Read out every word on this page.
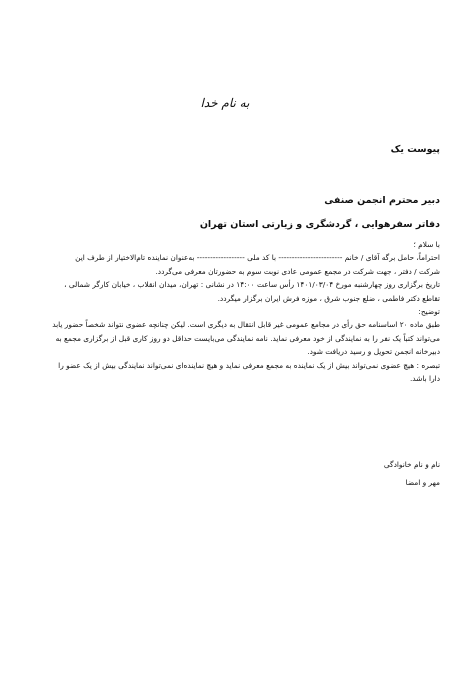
به نام خدا
پیوست یک
دبیر محترم انجمن صنفی
دفاتر سفرهوایی ، گردشگری و زیارتی استان تهران

با سلام ؛

احتراماً، حامل برگه آقای / خانم ------------------------ با کد ملی ------------------ به‌عنوان نماینده تام‌الاختیار از طرف این

شرکت / دفتر ، جهت شرکت در مجمع عمومی عادی نوبت سوم به حضورتان معرفی می‌گردد.

تاریخ برگزاری روز چهارشنبه مورخ ۱۴۰۱/۰۳/۰۴ رأس ساعت ۱۴:۰۰ در نشانی : تهران، میدان انقلاب ، خیابان کارگر شمالی ،

تقاطع دکتر فاطمی ، ضلع جنوب شرق ، موزه فرش ایران برگزار میگردد.

توضیح:

طبق ماده ۲۰ اساسنامه حق رأی در مجامع عمومی غیر قابل انتقال به دیگری است. لیکن چنانچه عضوی نتواند شخصاً حضور یابد

می‌تواند کتباً یک نفر را به نمایندگی از خود معرفی نماید. نامه نمایندگی می‌بایست حداقل دو روز کاری قبل از برگزاری مجمع به

دبیرخانه انجمن تحویل و رسید دریافت شود.

تبصره : هیچ عضوی نمی‌تواند بیش از یک نماینده به مجمع معرفی نماید و هیچ نماینده‌ای نمی‌تواند نمایندگی بیش از یک عضو را

دارا باشد.

نام و نام خانوادگی
مهر و امضا
